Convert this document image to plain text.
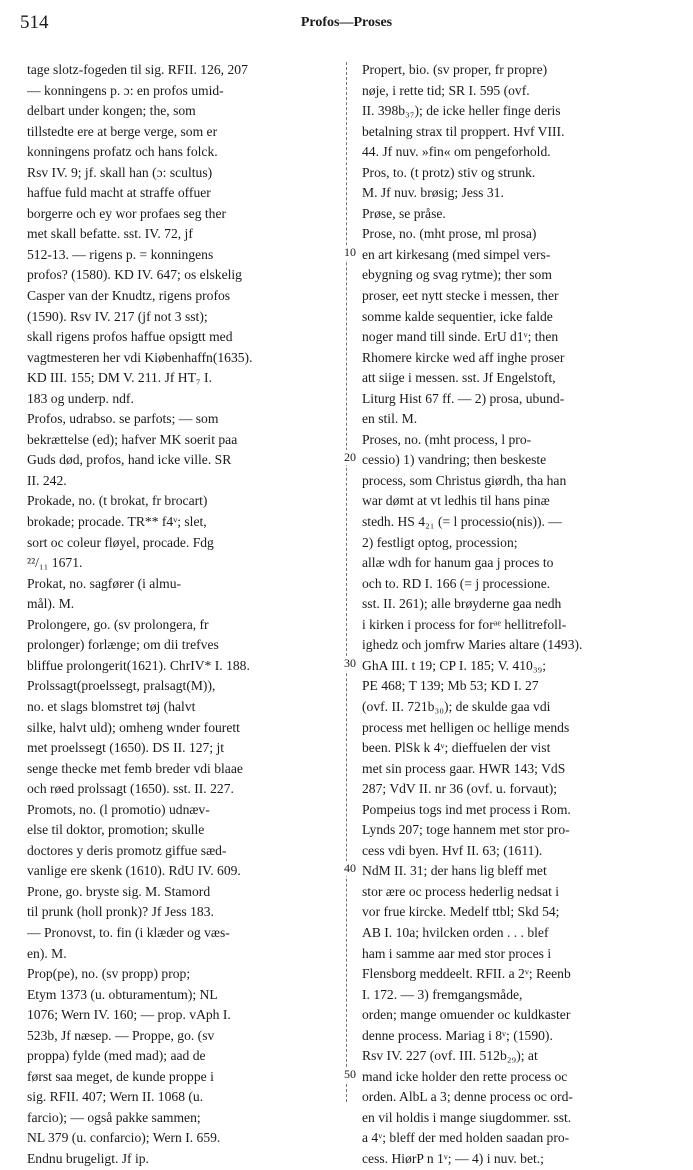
514	Profos—Proses
10
20
30
40
50
tage slotz-fogeden til sig. RFII. 126, 207
— konningens p. ɔ: en profos umid-
delbart under kongen; the, som
tillstedte ere at berge verge, som er
konningens profatz och hans folck.
Rsv IV. 9; jf. skall han (ɔ: scultus)
haffue fuld macht at straffe offuer
borgerre och ey wor profaes seg ther
met skall befatte. sst. IV. 72, jf
512-13. — rigens p. = konningens
profos? (1580). KD IV. 647; os elskelig
Casper van der Knudtz, rigens profos
(1590). Rsv IV. 217 (jf not 3 sst);
skall rigens profos haffue opsigtt med
vagtmesteren her vdi Kiøbenhaffn(1635).
KD III. 155; DM V. 211. Jf HT₇ I.
183 og underp. ndf.
Profos, udrabso. se parfots; — som
bekrættelse (ed); hafver MK soerit paa
Guds død, profos, hand icke ville. SR
II. 242.
Prokade, no. (t brokat, fr brocart)
brokade; procade. TR** f4ᵛ; slet,
sort oc coleur fløyel, procade. Fdg
²²/₁₁ 1671.
Prokat, no. sagfører (i almu-
mål). M.
Prolongere, go. (sv prolongera, fr
prolonger) forlænge; om dii trefves
bliffue prolongerit(1621). ChrIV* I. 188.
Prolssagt(proelssegt, pralsagt(M)),
no. et slags blomstret tøj (halvt
silke, halvt uld); omheng wnder fourett
met proelssegt (1650). DS II. 127; jt
senge thecke met femb breder vdi blaae
och røed prolssagt (1650). sst. II. 227.
Promots, no. (l promotio) udnæv-
else til doktor, promotion; skulle
doctores y deris promotz giffue sæd-
vanlige ere skenk (1610). RdU IV. 609.
Prone, go. bryste sig. M. Stamord
til prunk (holl pronk)? Jf Jess 183.
— Pronovst, to. fin (i klæder og væs-
en). M.
Prop(pe), no. (sv propp) prop;
Etym 1373 (u. obturamentum); NL
1076; Wern IV. 160; — prop. vAph I.
523b, Jf næsep. — Proppe, go. (sv
proppa) fylde (med mad); aad de
først saa meget, de kunde proppe i
sig. RFII. 407; Wern II. 1068 (u.
farcio); — også pakke sammen;
NL 379 (u. confarcio); Wern I. 659.
Endnu brugeligt. Jf ip.
Propert, bio. (sv proper, fr propre)
nøje, i rette tid; SR I. 595 (ovf.
II. 398b₃₇); de icke heller finge deris
betalning strax til proppert. Hvf VIII.
44. Jf nuv. »fin« om pengeforhold.
Pros, to. (t protz) stiv og strunk.
M. Jf nuv. brøsig; Jess 31.
Prøse, se pråse.
Prose, no. (mht prose, ml prosa)
en art kirkesang (med simpel vers-
ebygning og svag rytme); ther som
proser, eet nytt stecke i messen, ther
somme kalde sequentier, icke falde
noger mand till sinde. ErU d1ᵛ; then
Rhomere kircke wed aff inghe proser
att siige i messen. sst. Jf Engelstoft,
Liturg Hist 67 ff. — 2) prosa, ubund-
en stil. M.
Proses, no. (mht process, l pro-
cessio) 1) vandring; then beskeste
process, som Christus giørdh, tha han
war dømt at vt ledhis til hans pinæ
stedh. HS 4₂₁ (= l processio(nis)). —
2) festligt optog, procession;
allæ wdh for hanum gaa j proces to
och to. RD I. 166 (= j processione.
sst. II. 261); alle brøyderne gaa nedh
i kirken i process for forᵃᵉ hellitrefoll-
ighedz och jomfrw Maries altare (1493).
GhA III. t 19; CP I. 185; V. 410₃₉;
PE 468; T 139; Mb 53; KD I. 27
(ovf. II. 721b₃₀); de skulde gaa vdi
process met helligen oc hellige mends
been. PlSk k 4ᵛ; dieffuelen der vist
met sin process gaar. HWR 143; VdS
287; VdV II. nr 36 (ovf. u. forvaut);
Pompeius togs ind met process i Rom.
Lynds 207; toge hannem met stor pro-
cess vdi byen. Hvf II. 63; (1611).
NdM II. 31; der hans lig bleff met
stor ære oc process hederlig nedsat i
vor frue kircke. Medelf ttbl; Skd 54;
AB I. 10a; hvilcken orden . . . blef
ham i samme aar med stor proces i
Flensborg meddeelt. RFII. a 2ᵛ; Reenb
I. 172. — 3) fremgangsmåde,
orden; mange omuender oc kuldkaster
denne process. Mariag i 8ᵛ; (1590).
Rsv IV. 227 (ovf. III. 512b₂₉); at
mand icke holder den rette process oc
orden. AlbL a 3; denne process oc ord-
en vil holdis i mange siugdommer. sst.
a 4ᵛ; bleff der med holden saadan pro-
cess. HiørP n 1ᵛ; — 4) i nuv. bet.;
